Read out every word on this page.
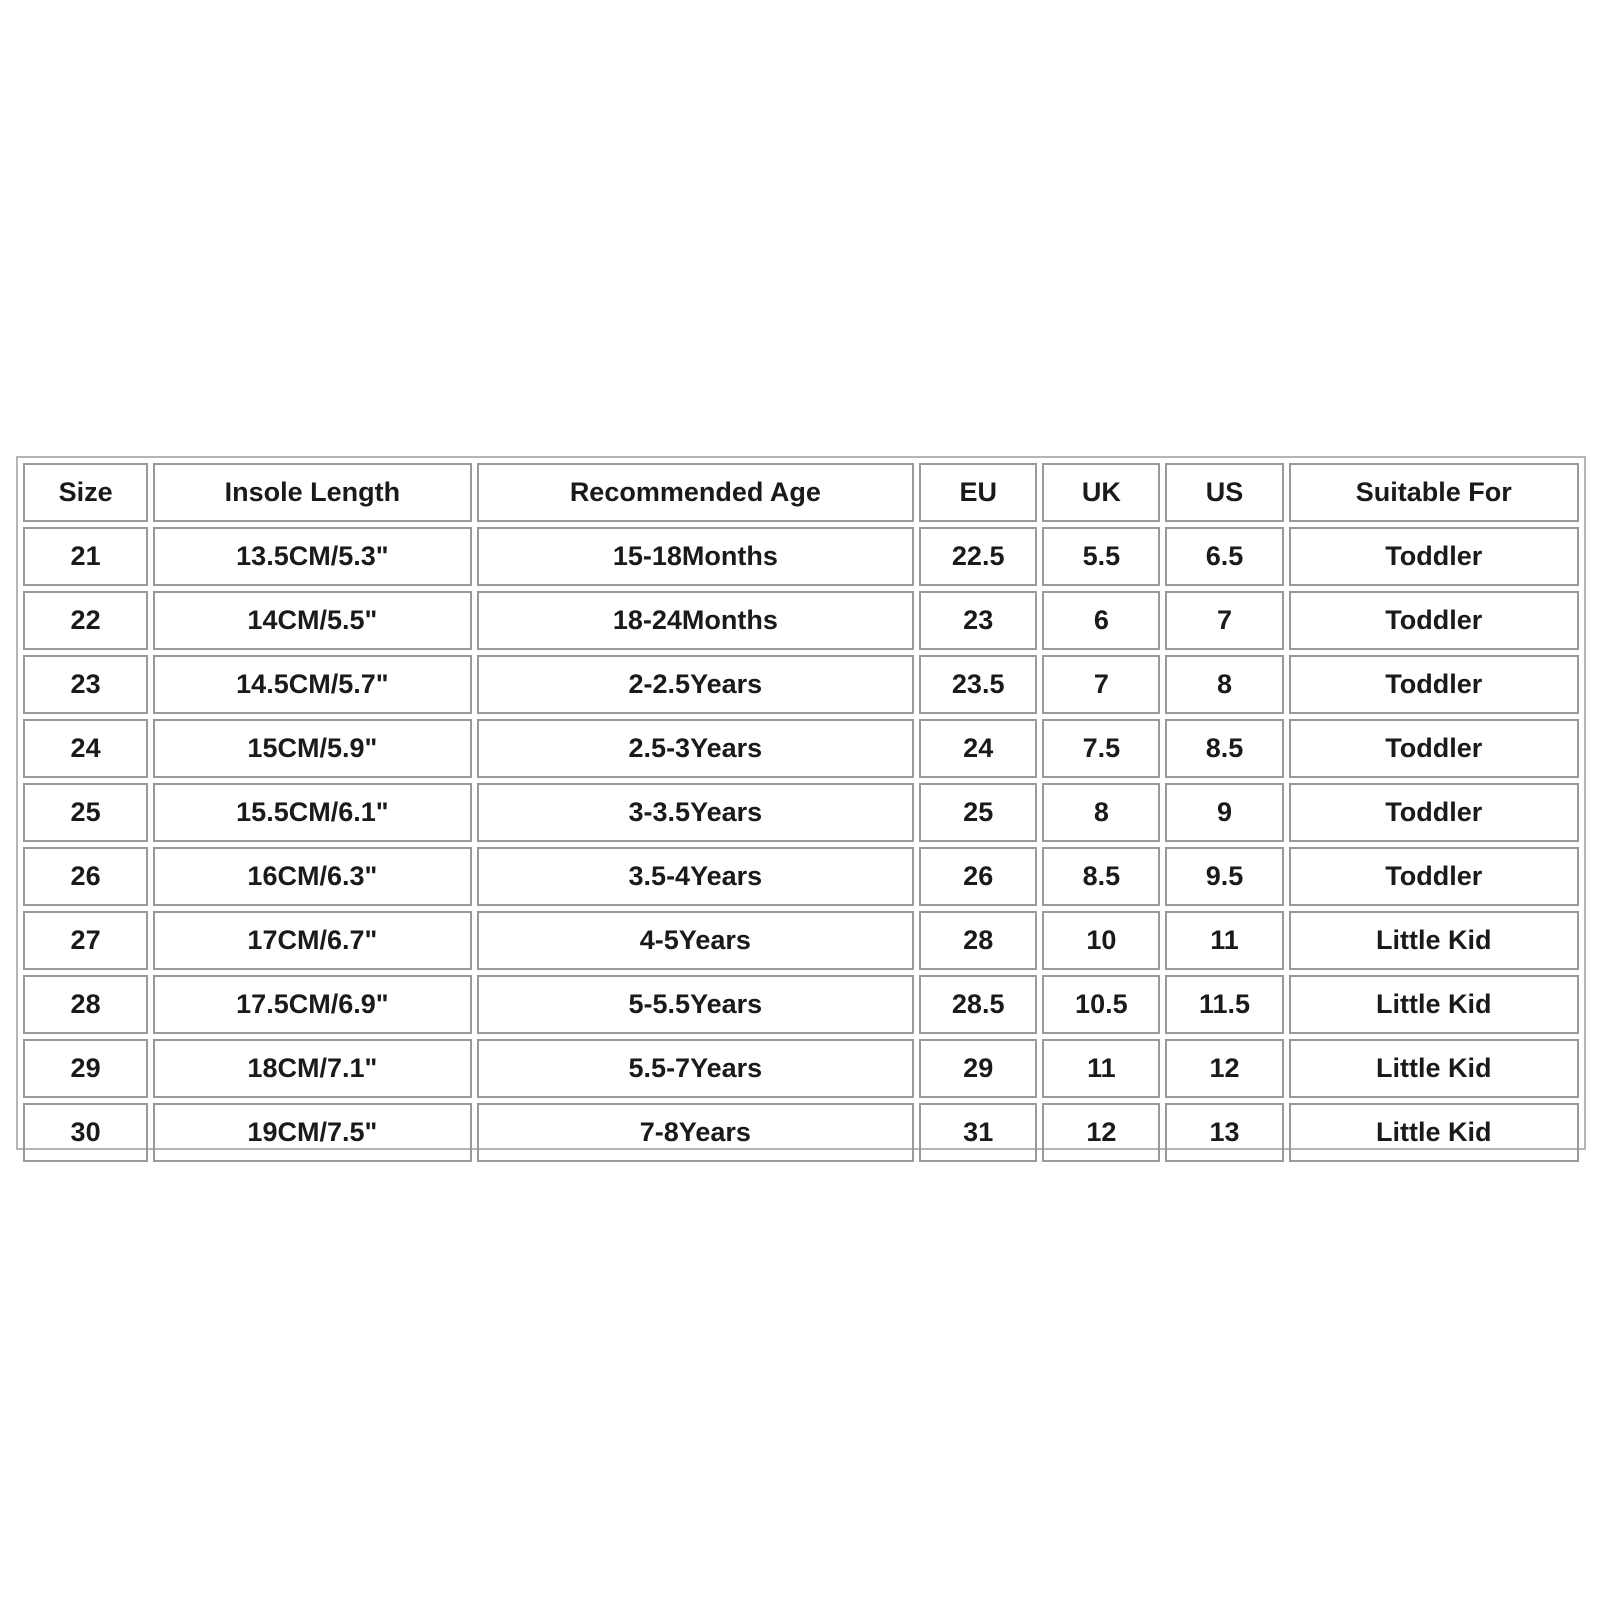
Size	Insole Length	Recommended Age	EU	UK	US	Suitable For
21	13.5CM/5.3"	15-18Months	22.5	5.5	6.5	Toddler
22	14CM/5.5"	18-24Months	23	6	7	Toddler
23	14.5CM/5.7"	2-2.5Years	23.5	7	8	Toddler
24	15CM/5.9"	2.5-3Years	24	7.5	8.5	Toddler
25	15.5CM/6.1"	3-3.5Years	25	8	9	Toddler
26	16CM/6.3"	3.5-4Years	26	8.5	9.5	Toddler
27	17CM/6.7"	4-5Years	28	10	11	Little Kid
28	17.5CM/6.9"	5-5.5Years	28.5	10.5	11.5	Little Kid
29	18CM/7.1"	5.5-7Years	29	11	12	Little Kid
30	19CM/7.5"	7-8Years	31	12	13	Little Kid
